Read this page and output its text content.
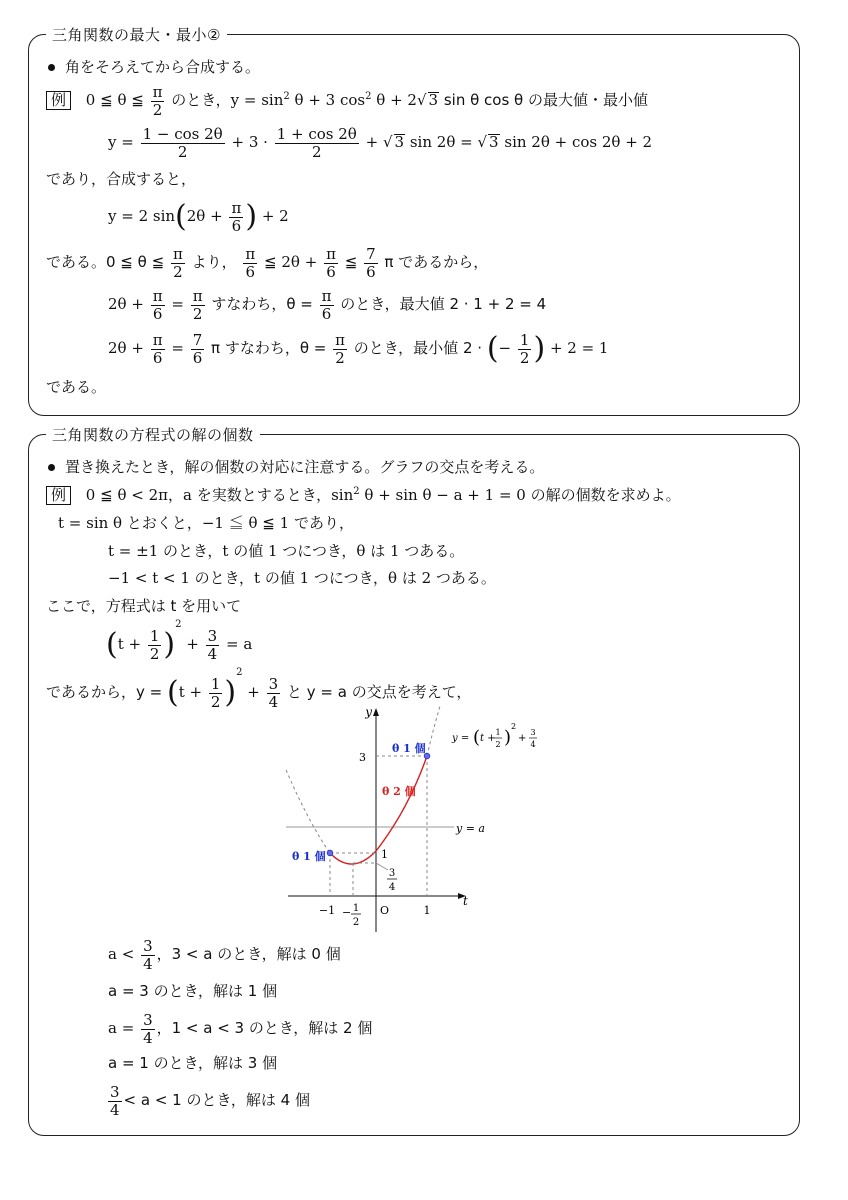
三角関数の最大・最小②
角をそろえてから合成する。
例 0 ≦ θ ≦ $\frac{\pi}{2}$ のとき，$y = \sin^2 \theta + 3$ $\cos^2 \theta + 2√$ 3 sin θ cos θ の最大値・最小値
$y = \frac{1 - \cos 2\theta}{2} + 3 \cdot \frac{1 + \cos 2\theta}{2}$ + √ 3 sin 2θ = √ 3 sin 2θ + cos 2θ + 2
であり，合成すると，
y = 2 $\sin(2\theta + \frac{\pi}{6}$ ) + 2
である。0 ≦ θ ≦ $\frac{\pi}{2}$ より， $\frac{\pi}{6}$ ≦ $2\theta + \frac{\pi}{6}$ ≦ $\frac{7}{6}$ π であるから，
$2\theta + \frac{\pi}{6} = \frac{\pi}{2}$ すなわち，$\theta = \frac{\pi}{6}$ のとき，最大値 2 · 1 + 2 = 4
$2\theta + \frac{\pi}{6} = \frac{7}{6}$ π すなわち，$\theta = \frac{\pi}{2}$ のとき，最小値 2 · (− $\frac{1}{2}$ ) + 2 = 1
である。
三角関数の方程式の解の個数
置き換えたとき，解の個数の対応に注意する。グラフの交点を考える。
例 0 ≦ θ < 2π，a を実数とするとき，$\sin^2 \theta + \sin \theta - a + 1 = 0$ の解の個数を求めよ。
t = sin θ とおくと，−1 ≦ θ ≦ 1 であり，
t = ±1 のとき，t の値 1 つにつき，θ は 1 つある。
−1 < t < 1 のとき，t の値 1 つにつき，θ は 2 つある。
ここで，方程式は t を用いて
$(t + \frac{1}{2} )^2 + \frac{3}{4} = a$
であるから，$y = (t + \frac{1}{2} )^2 + \frac{3}{4}$ と y = a の交点を考えて，
y
t
O
y = a
3
1
−1	1
− 1
2
3
4
θ 1 個
θ 2 個
θ 1 個
y = ( t +
1
2 )
2
+
3
4
$a < \frac{3}{4}$ ，3 < a のとき，解は 0 個
a = 3 のとき，解は 1 個
$a = \frac{3}{4}$ ，1 < a < 3 のとき，解は 2 個
a = 1 のとき，解は 3 個
$\frac{3}{4} < a < 1$ のとき，解は 4 個
